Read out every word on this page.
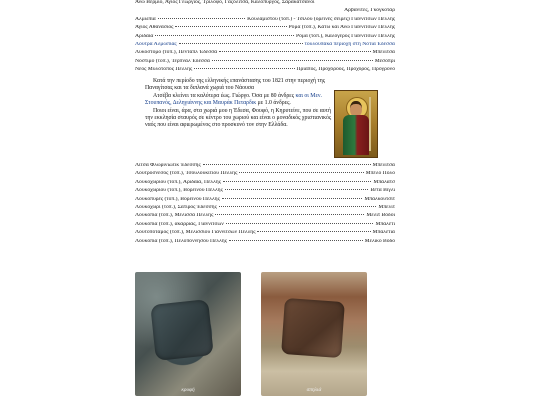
Άνω Βέρμιο, Άγιος Γεώργιος, Τρίλοφο, Γαζόλιτσα, Καλόπυργος, Σαρακατσάνοι
Αρβανίτες, Γκογκοτάρ
Αλμωπία	Κουλαμίστου (τοπ.) - Τσίλου (ορεινές σειρές) Γιαννιτσών Πέλλης
Άγιος Αθανάσιος	Ρόμα (τοπ.), Κάτω και Άνω Γιαννιτσών Πέλλης
Αριδαία	Ρόμα (τοπ.), Καλόγερος Γιαννιτσών Πέλλης
Λουτρά Αλμωπίας	τουλουπάκα περιοχή στη Νότια Έδεσσα
Λυκόστομο (τοπ.), Πεντάπλ Έδεσσα	Μπέλιτσα
Νόστιμο (τοπ.), Τερπνάλ Έδεσσα	Μεσόπρι
Νέος Μυλότοπος Πέλλης	Πρίαπος, Προχόροος, Προχόρος, Πρόγρονο

Κατά την περίοδο της ελληνικής επανάστασης του 1821 στην περιοχή της Παναγίτσας και τα διπλανά χωριά του Νάουσα

Ατσέβα κλείνει τα καλύτερα έως. Γιώργο. Όσα με 80 άνδρες και οι Μεν. Στουπανός, Δεληγιάννης και Μαυράκ Πεταρδικ με 1.0 άνδρες.

Ποιοι είναι, άρα, στα χωριά μου η Έδεσα, Φουφό, η Κηρυτείνε, που σε αυτή την εκκλησία σταυρός σε κέντρο του χωριού και είναι ο μοναδικός χριστιανικός ναός που είναι αφιερωμένος στο προσκυνό τον στην Ελλάδα.

Λίτσα Φλωρινιώτικ Έδεσσης	Μπέλιτσα
Λουτρόσνεσος (τοπ.), Τσουλουκιτίου Πέλλης	Μπέλο Πόλο
Λουκοχωρίου (τοπ.), Αριδαία, Πέλλης	Μπάλατσ
Λουκοχωρίου (τοπ.), Βορεινού Πέλλης	Βέτα Βίγλι
Λουκοπυρές (τοπ.), Βορεινού Πέλλης	Μπαλκουτσίτ
Λουκοχωρί (τοπ.), Σατίρος Έδεσσης	Μπελίτ
Λουκόπια (τοπ.), Μέλισσα Πέλλης	Μελιτ Βόδοι
Λουκόπια (τοπ.), ακαρρίας, Γιαννιτσών	Μπαλέτι
Λουτοπόταμος (τοπ.), Μελισσίου Γιαννιτσών Πέλλης	Μπαλέτια
Λουκόπια (τοπ.), Πελοποννήσου Πέλλης	Μελικο Βόδο
κρυφή	σπηλιά
